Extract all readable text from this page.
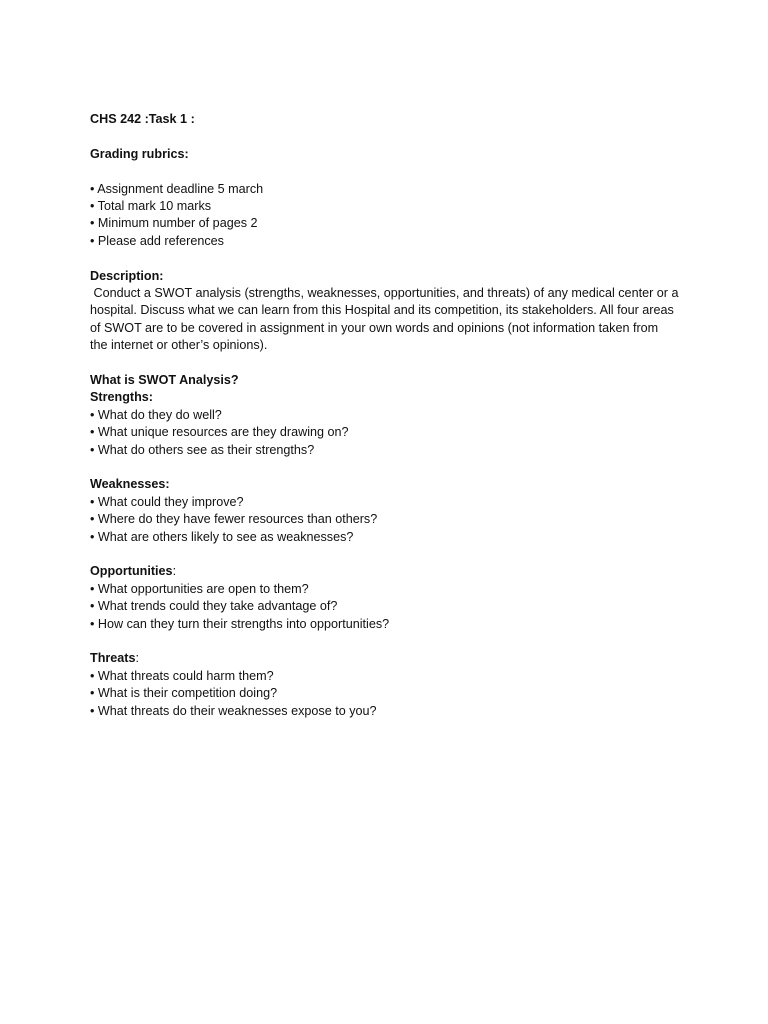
CHS 242 :Task 1 :
Grading rubrics:
• Assignment deadline 5 march
• Total mark 10 marks
• Minimum number of pages 2
• Please add references
Description:
Conduct a SWOT analysis (strengths, weaknesses, opportunities, and threats) of any medical center or a
hospital. Discuss what we can learn from this Hospital and its competition, its stakeholders. All four areas
of SWOT are to be covered in assignment in your own words and opinions (not information taken from
the internet or other’s opinions).
What is SWOT Analysis?
Strengths:
• What do they do well?
• What unique resources are they drawing on?
• What do others see as their strengths?
Weaknesses:
• What could they improve?
• Where do they have fewer resources than others?
• What are others likely to see as weaknesses?
Opportunities:
• What opportunities are open to them?
• What trends could they take advantage of?
• How can they turn their strengths into opportunities?
Threats:
• What threats could harm them?
• What is their competition doing?
• What threats do their weaknesses expose to you?
